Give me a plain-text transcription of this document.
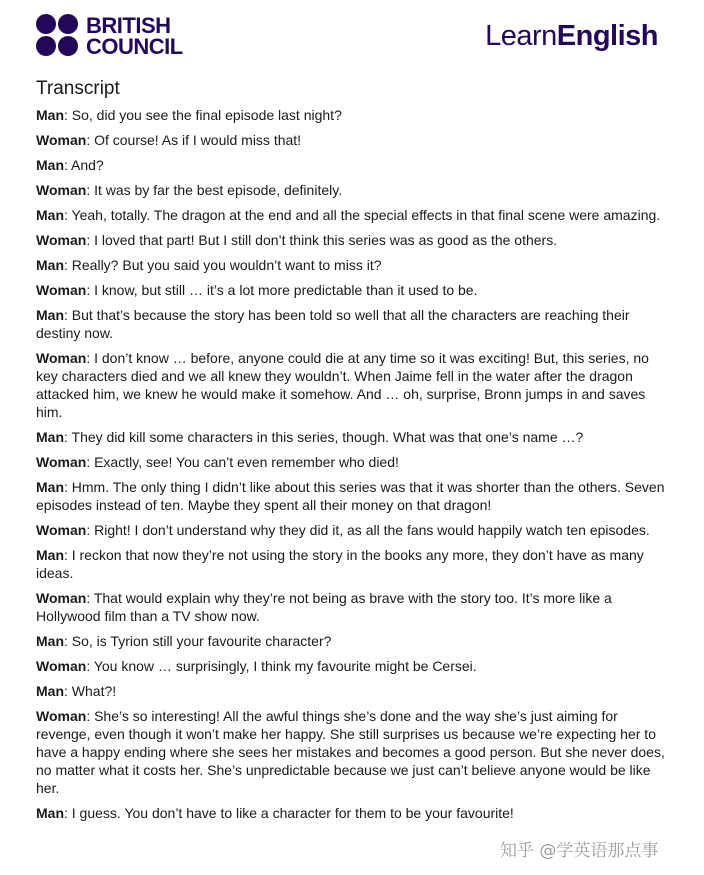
BRITISH
COUNCIL	LearnEnglish
Transcript

Man: So, did you see the final episode last night?

Woman: Of course! As if I would miss that!

Man: And?

Woman: It was by far the best episode, definitely.

Man: Yeah, totally. The dragon at the end and all the special effects in that final scene were amazing.

Woman: I loved that part! But I still don’t think this series was as good as the others.

Man: Really? But you said you wouldn’t want to miss it?

Woman: I know, but still … it’s a lot more predictable than it used to be.

Man: But that’s because the story has been told so well that all the characters are reaching their destiny now.

Woman: I don’t know … before, anyone could die at any time so it was exciting! But, this series, no key characters died and we all knew they wouldn’t. When Jaime fell in the water after the dragon attacked him, we knew he would make it somehow. And … oh, surprise, Bronn jumps in and saves him.

Man: They did kill some characters in this series, though. What was that one’s name …?

Woman: Exactly, see! You can’t even remember who died!

Man: Hmm. The only thing I didn’t like about this series was that it was shorter than the others. Seven episodes instead of ten. Maybe they spent all their money on that dragon!

Woman: Right! I don’t understand why they did it, as all the fans would happily watch ten episodes.

Man: I reckon that now they’re not using the story in the books any more, they don’t have as many ideas.

Woman: That would explain why they’re not being as brave with the story too. It’s more like a Hollywood film than a TV show now.

Man: So, is Tyrion still your favourite character?

Woman: You know … surprisingly, I think my favourite might be Cersei.

Man: What?!

Woman: She’s so interesting! All the awful things she’s done and the way she’s just aiming for revenge, even though it won’t make her happy. She still surprises us because we’re expecting her to have a happy ending where she sees her mistakes and becomes a good person. But she never does, no matter what it costs her. She’s unpredictable because we just can’t believe anyone would be like her.

Man: I guess. You don’t have to like a character for them to be your favourite!

知乎 @学英语那点事
